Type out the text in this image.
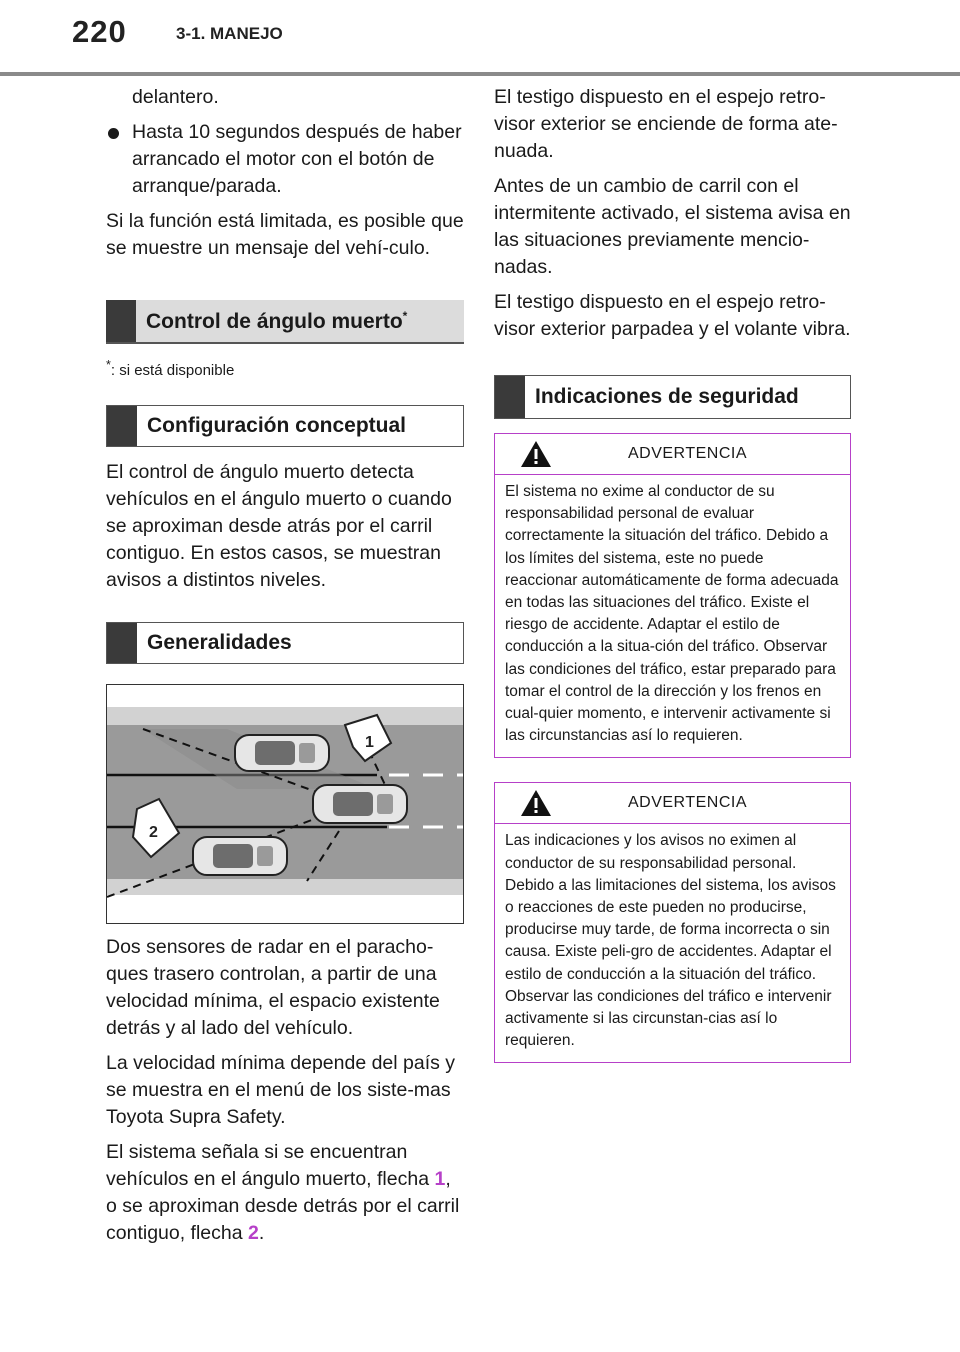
220	3-1. MANEJO

delantero.

Hasta 10 segundos después de haber arrancado el motor con el botón de arranque/parada.

Si la función está limitada, es posible que se muestre un mensaje del vehí-culo.

Control de ángulo muerto*

*: si está disponible

Configuración conceptual

El control de ángulo muerto detecta vehículos en el ángulo muerto o cuando se aproximan desde atrás por el carril contiguo. En estos casos, se muestran avisos a distintos niveles.

Generalidades
1
2

Dos sensores de radar en el paracho-ques trasero controlan, a partir de una velocidad mínima, el espacio existente detrás y al lado del vehículo.

La velocidad mínima depende del país y se muestra en el menú de los siste-mas Toyota Supra Safety.

El sistema señala si se encuentran vehículos en el ángulo muerto, flecha 1, o se aproximan desde detrás por el carril contiguo, flecha 2.

El testigo dispuesto en el espejo retro-visor exterior se enciende de forma ate-nuada.

Antes de un cambio de carril con el intermitente activado, el sistema avisa en las situaciones previamente mencio-nadas.

El testigo dispuesto en el espejo retro-visor exterior parpadea y el volante vibra.

Indicaciones de seguridad
ADVERTENCIA
El sistema no exime al conductor de su responsabilidad personal de evaluar correctamente la situación del tráfico. Debido a los límites del sistema, este no puede reaccionar automáticamente de forma adecuada en todas las situaciones del tráfico. Existe el riesgo de accidente. Adaptar el estilo de conducción a la situa-ción del tráfico. Observar las condiciones del tráfico, estar preparado para tomar el control de la dirección y los frenos en cual-quier momento, e intervenir activamente si las circunstancias así lo requieren.
ADVERTENCIA
Las indicaciones y los avisos no eximen al conductor de su responsabilidad personal. Debido a las limitaciones del sistema, los avisos o reacciones de este pueden no producirse, producirse muy tarde, de forma incorrecta o sin causa. Existe peli-gro de accidentes. Adaptar el estilo de conducción a la situación del tráfico. Observar las condiciones del tráfico e intervenir activamente si las circunstan-cias así lo requieren.
